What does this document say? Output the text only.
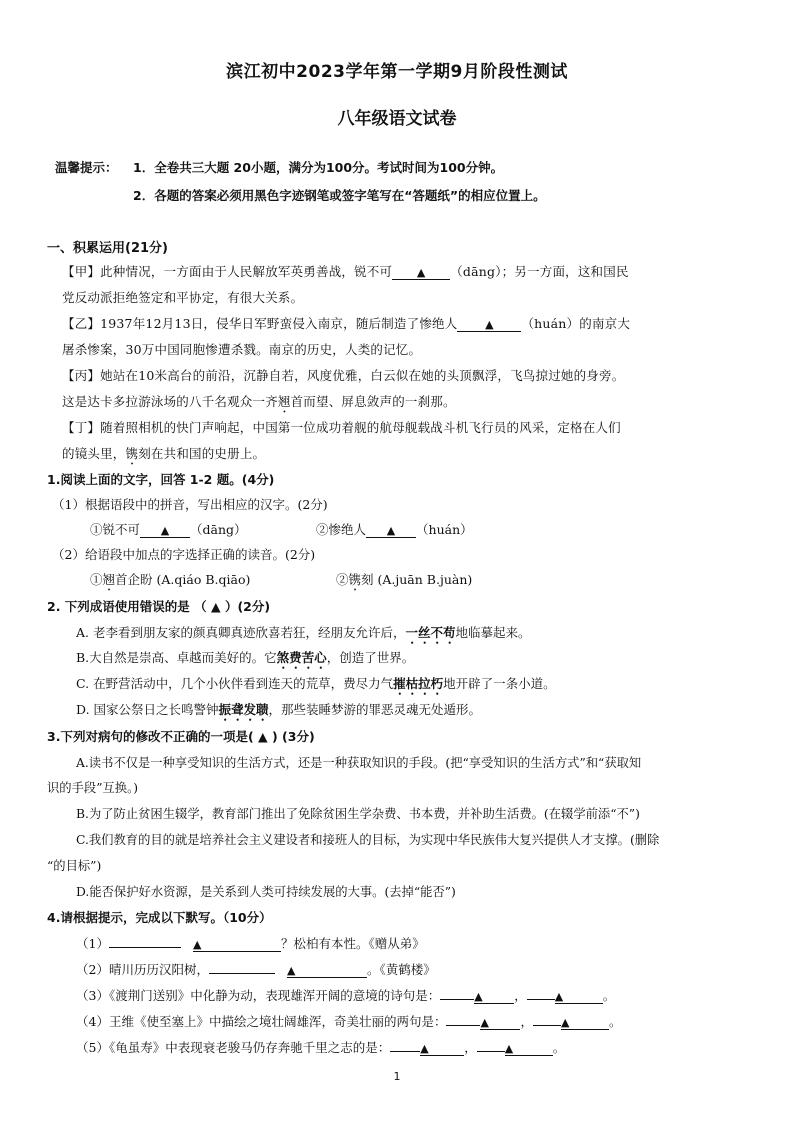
滨江初中2023学年第一学期9月阶段性测试
八年级语文试卷
温馨提示： 1．全卷共三大题 20小题，满分为100分。考试时间为100分钟。
2．各题的答案必须用黑色字迹钢笔或签字笔写在“答题纸”的相应位置上。
一、积累运用(21分)
【甲】此种情况，一方面由于人民解放军英勇善战，锐不可 ▲ （dāng）；另一方面，这和国民
党反动派拒绝签定和平协定，有很大关系。
【乙】1937年12月13日，侵华日军野蛮侵入南京，随后制造了惨绝人	▲ （huán）的南京大
屠杀惨案，30万中国同胞惨遭杀戮。南京的历史，人类的记忆。
【丙】她站在10米高台的前沿，沉静自若，风度优雅，白云似在她的头顶飘浮，飞鸟掠过她的身旁。
这是达卡多拉游泳场的八千名观众一齐翘首而望、屏息敛声的一刹那。
【丁】随着照相机的快门声响起，中国第一位成功着舰的航母舰载战斗机飞行员的风采，定格在人们
的镜头里，镌刻在共和国的史册上。
1.阅读上面的文字，回答 1-2 题。(4分)
（1）根据语段中的拼音，写出相应的汉字。(2分)
①锐不可 ▲ （dāng）	②惨绝人 ▲ （huán）
（2）给语段中加点的字选择正确的读音。(2分)
①翘首企盼 (A.qiáo B.qiāo)	②镌刻 (A.juān B.juàn)
2. 下列成语使用错误的是 （ ▲ ）(2分)
A. 老李看到朋友家的颜真卿真迹欣喜若狂，经朋友允许后，一丝不苟地临摹起来。
B.大自然是崇高、卓越而美好的。它煞费苦心，创造了世界。
C. 在野营活动中，几个小伙伴看到连天的荒草，费尽力气摧枯拉朽地开辟了一条小道。
D. 国家公祭日之长鸣警钟振聋发聩，那些装睡梦游的罪恶灵魂无处遁形。
3.下列对病句的修改不正确的一项是( ▲ ) (3分)
A.读书不仅是一种享受知识的生活方式，还是一种获取知识的手段。(把“享受知识的生活方式”和“获取知
识的手段”互换。)
B.为了防止贫困生辍学，教育部门推出了免除贫困生学杂费、书本费，并补助生活费。(在辍学前添“不”)
C.我们教育的目的就是培养社会主义建设者和接班人的目标，为实现中华民族伟大复兴提供人才支撑。(删除
“的目标”)
D.能否保护好水资源，是关系到人类可持续发展的大事。(去掉“能否”)
4.请根据提示，完成以下默写。（10分）
（1）	▲	？松柏有本性。《赠从弟》
（2）晴川历历汉阳树，	▲	。《黄鹤楼》
（3）《渡荆门送别》中化静为动，表现雄浑开阔的意境的诗句是：	▲	，	▲	。
（4）王维《使至塞上》中描绘之境壮阔雄浑，奇美壮丽的两句是：	▲	，	▲	。
（5）《龟虽寿》中表现衰老骏马仍存奔驰千里之志的是：	▲	，	▲	。
1
